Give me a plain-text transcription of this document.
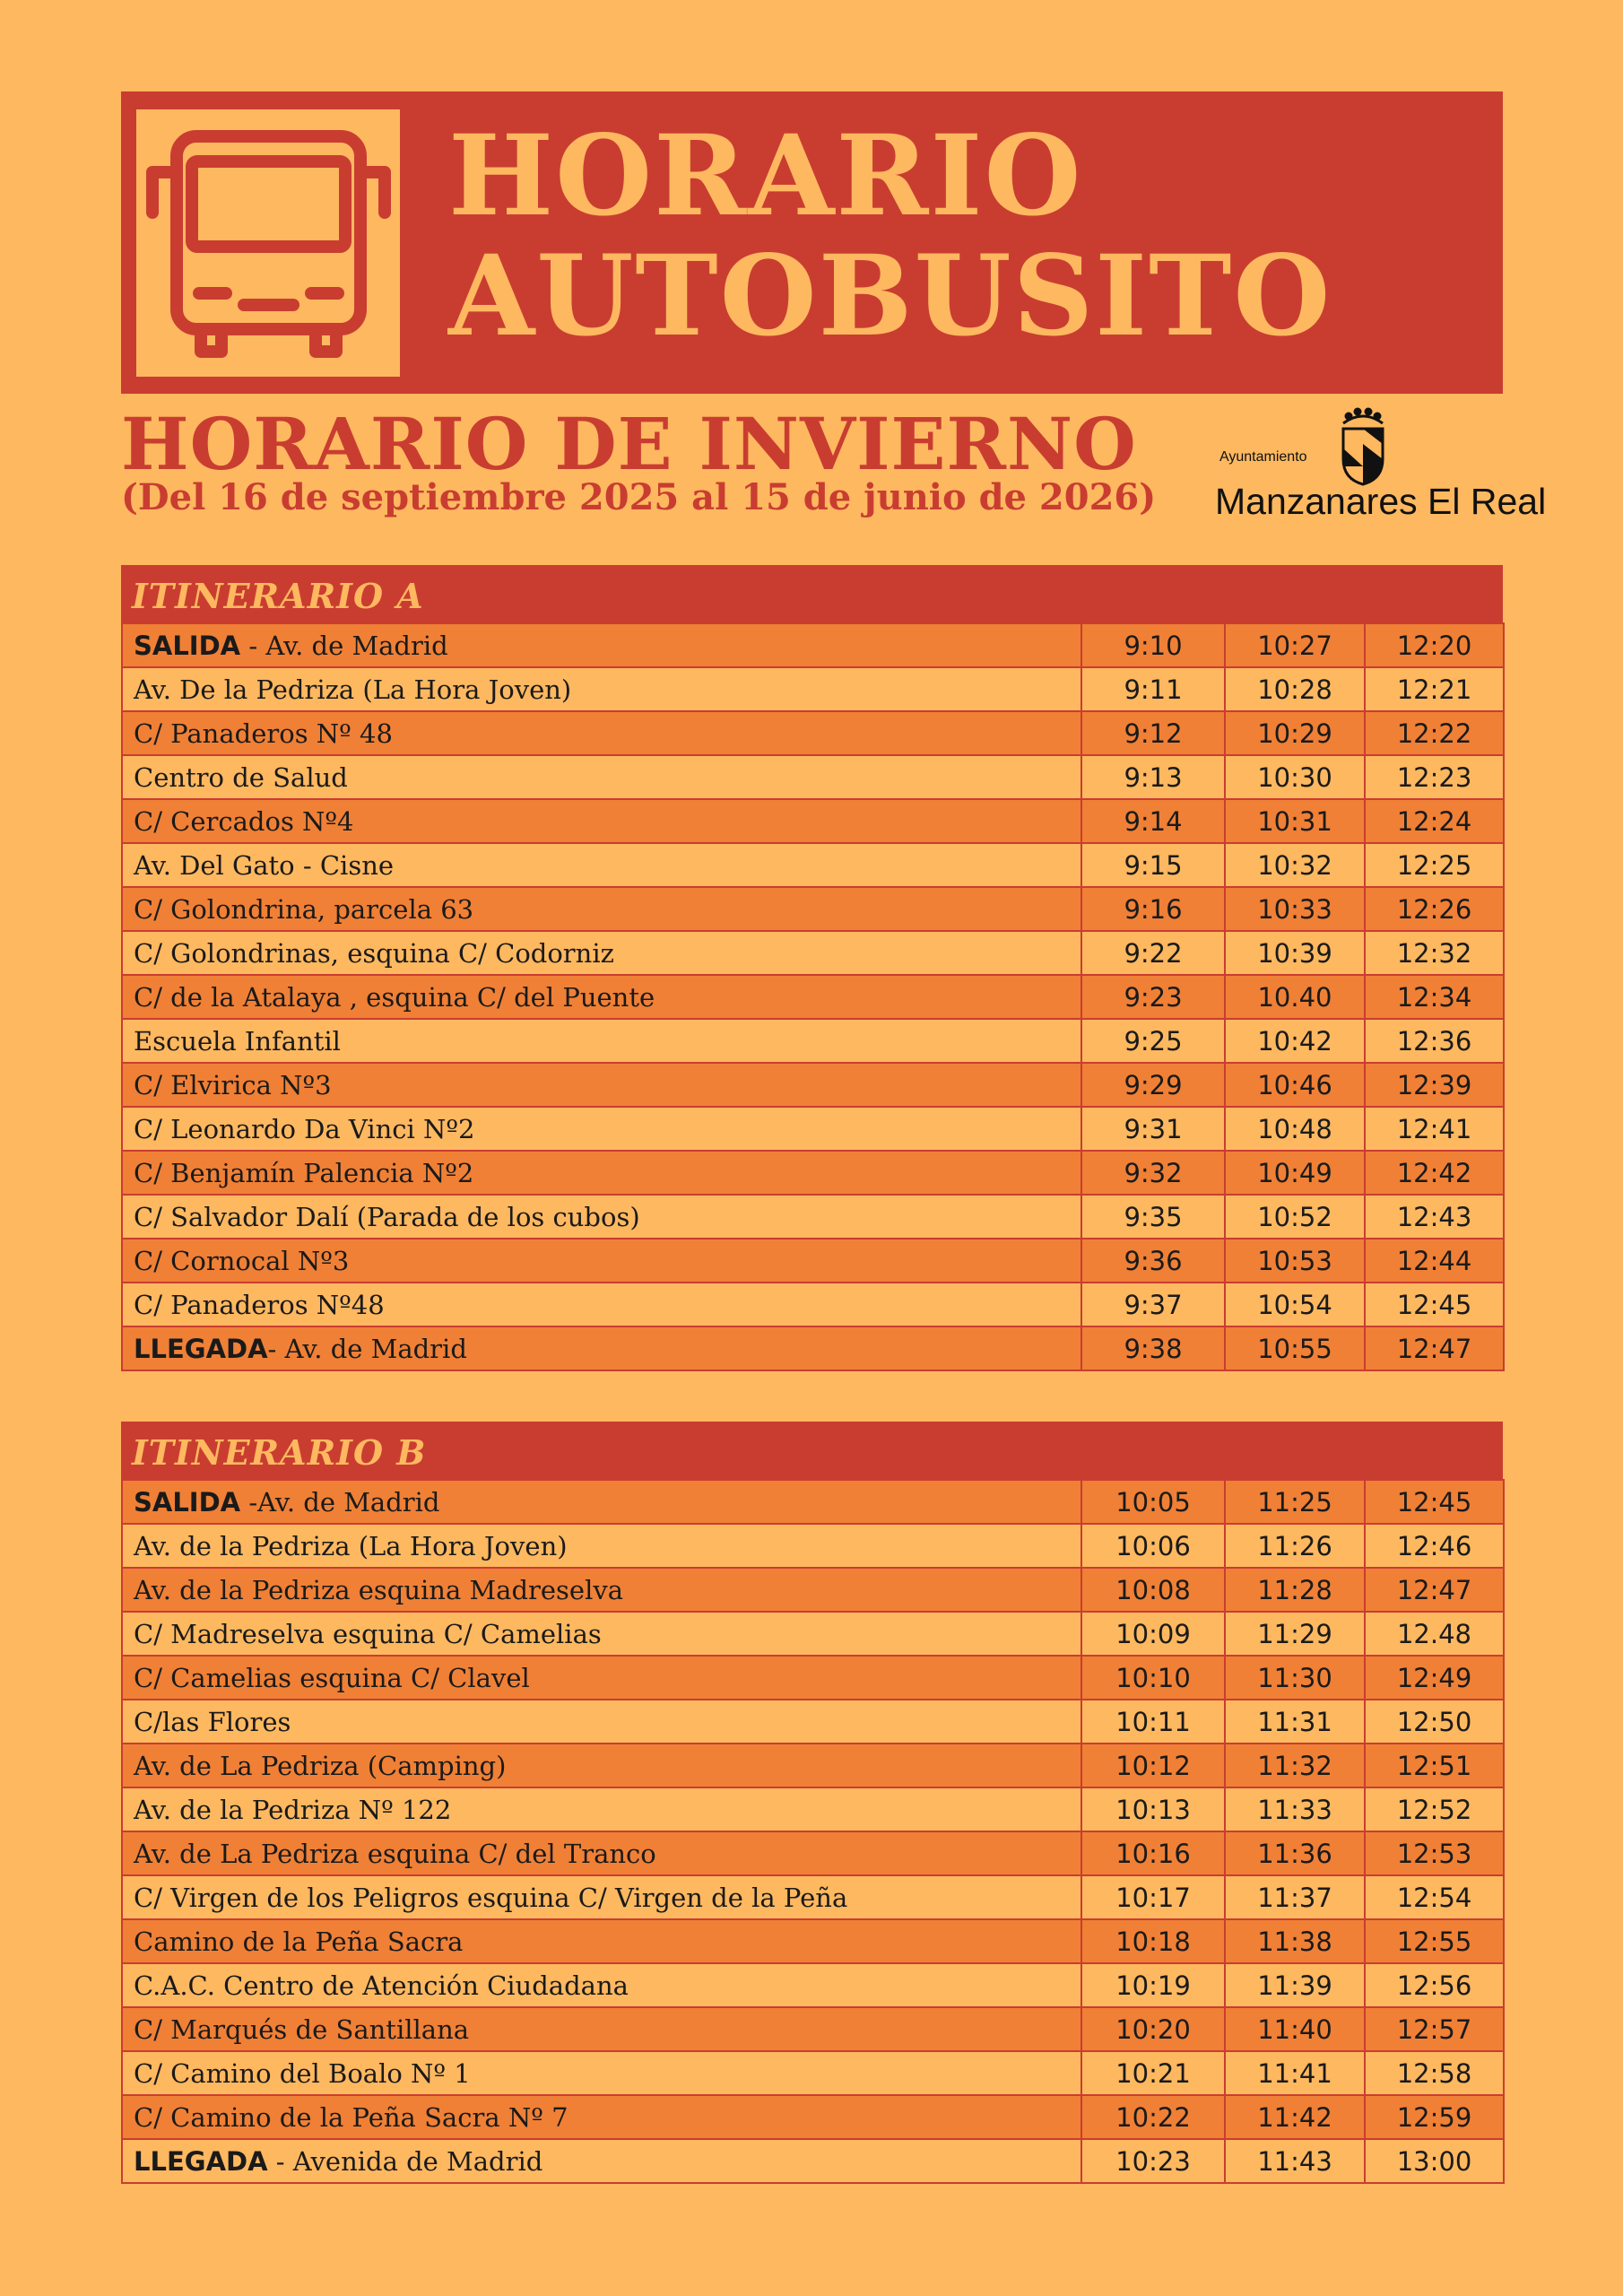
HORARIO
AUTOBUSITO
HORARIO DE INVIERNO
(Del 16 de septiembre 2025 al 15 de junio de 2026)
Ayuntamiento
Manzanares El Real
ITINERARIO A
SALIDA - Av. de Madrid	9:10	10:27	12:20
Av. De la Pedriza (La Hora Joven)	9:11	10:28	12:21
C/ Panaderos Nº 48	9:12	10:29	12:22
Centro de Salud	9:13	10:30	12:23
C/ Cercados Nº4	9:14	10:31	12:24
Av. Del Gato - Cisne	9:15	10:32	12:25
C/ Golondrina, parcela 63	9:16	10:33	12:26
C/ Golondrinas, esquina C/ Codorniz	9:22	10:39	12:32
C/ de la Atalaya , esquina C/ del Puente	9:23	10.40	12:34
Escuela Infantil	9:25	10:42	12:36
C/ Elvirica Nº3	9:29	10:46	12:39
C/ Leonardo Da Vinci Nº2	9:31	10:48	12:41
C/ Benjamín Palencia Nº2	9:32	10:49	12:42
C/ Salvador Dalí (Parada de los cubos)	9:35	10:52	12:43
C/ Cornocal Nº3	9:36	10:53	12:44
C/ Panaderos Nº48	9:37	10:54	12:45
LLEGADA- Av. de Madrid	9:38	10:55	12:47
ITINERARIO B
SALIDA -Av. de Madrid	10:05	11:25	12:45
Av. de la Pedriza (La Hora Joven)	10:06	11:26	12:46
Av. de la Pedriza esquina Madreselva	10:08	11:28	12:47
C/ Madreselva esquina C/ Camelias	10:09	11:29	12.48
C/ Camelias esquina C/ Clavel	10:10	11:30	12:49
C/las Flores	10:11	11:31	12:50
Av. de La Pedriza (Camping)	10:12	11:32	12:51
Av. de la Pedriza Nº 122	10:13	11:33	12:52
Av. de La Pedriza esquina C/ del Tranco	10:16	11:36	12:53
C/ Virgen de los Peligros esquina C/ Virgen de la Peña	10:17	11:37	12:54
Camino de la Peña Sacra	10:18	11:38	12:55
C.A.C. Centro de Atención Ciudadana	10:19	11:39	12:56
C/ Marqués de Santillana	10:20	11:40	12:57
C/ Camino del Boalo Nº 1	10:21	11:41	12:58
C/ Camino de la Peña Sacra Nº 7	10:22	11:42	12:59
LLEGADA - Avenida de Madrid	10:23	11:43	13:00
